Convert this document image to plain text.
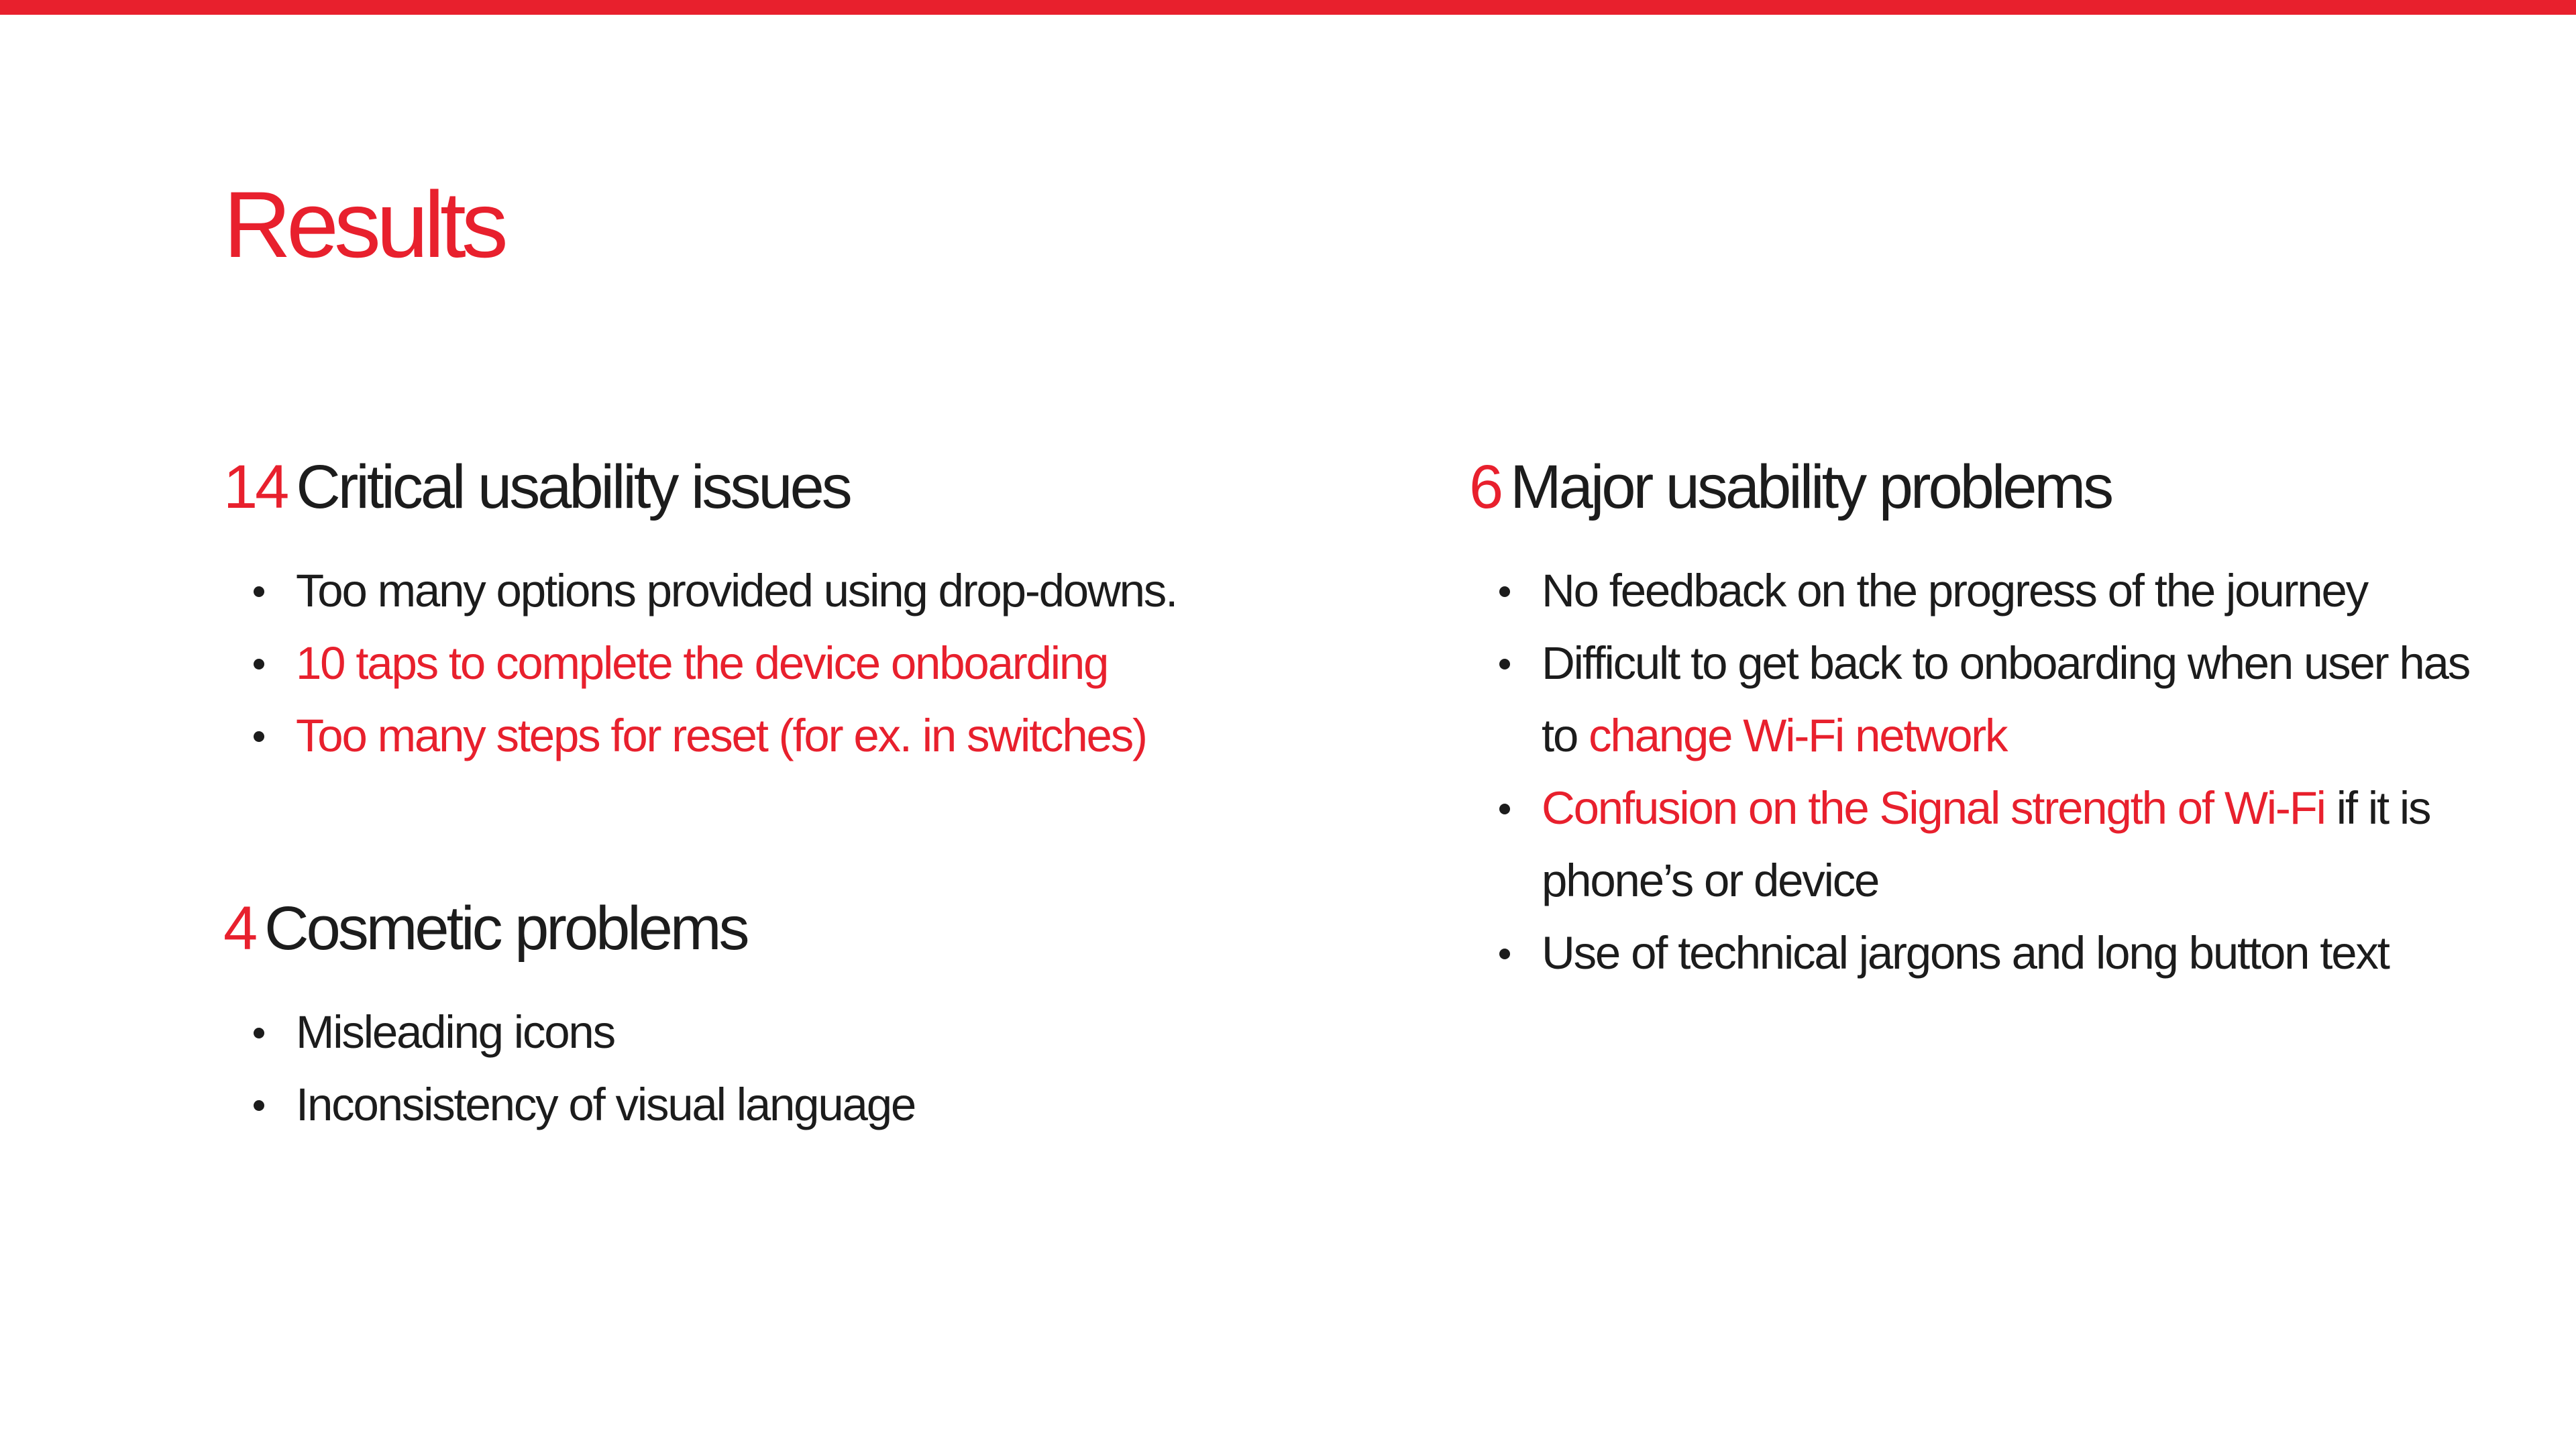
Results
14 Critical usability issues
Too many options provided using drop-downs.
10 taps to complete the device onboarding
Too many steps for reset (for ex. in switches)
4 Cosmetic problems
Misleading icons
Inconsistency of visual language
6 Major usability problems
No feedback on the progress of the journey
Difficult to get back to onboarding when user has to change Wi-Fi network
Confusion on the Signal strength of Wi-Fi if it is phone’s or device
Use of technical jargons and long button text
